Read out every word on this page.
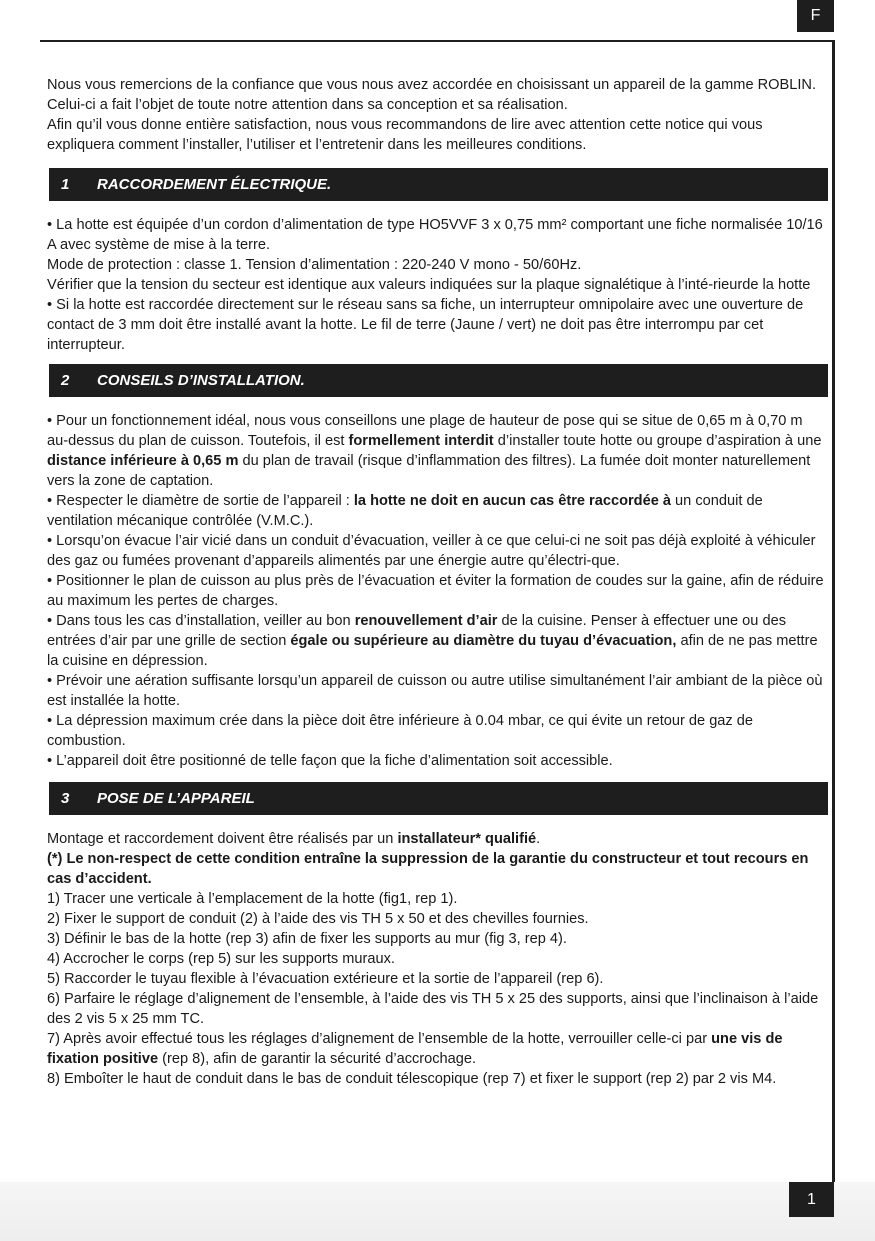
F
1

Nous vous remercions de la confiance que vous nous avez accordée en choisissant un appareil de la gamme ROBLIN.

Celui-ci a fait l’objet de toute notre attention dans sa conception et sa réalisation.

Afin qu’il vous donne entière satisfaction, nous vous recommandons de lire avec attention cette notice qui vous expliquera comment l’installer, l’utiliser et l’entretenir dans les meilleures conditions.

1	RACCORDEMENT ÉLECTRIQUE.

• La hotte est équipée d’un cordon d’alimentation de type HO5VVF 3 x 0,75 mm² comportant une fiche normalisée 10/16 A avec système de mise à la terre.

Mode de protection : classe 1. Tension d’alimentation : 220-240 V mono - 50/60Hz.

Vérifier que la tension du secteur est identique aux valeurs indiquées sur la plaque signalétique à l’inté-rieurde la hotte

• Si la hotte est raccordée directement sur le réseau sans sa fiche, un interrupteur omnipolaire avec une ouverture de contact de 3 mm doit être installé avant la hotte. Le fil de terre (Jaune / vert) ne doit pas être interrompu par cet interrupteur.

2	CONSEILS D’INSTALLATION.

• Pour un fonctionnement idéal, nous vous conseillons une plage de hauteur de pose qui se situe de 0,65 m à 0,70 m au-dessus du plan de cuisson. Toutefois, il est formellement interdit d’installer toute hotte ou groupe d’aspiration à une distance inférieure à 0,65 m du plan de travail (risque d’inflammation des filtres). La fumée doit monter naturellement vers la zone de captation.

• Respecter le diamètre de sortie de l’appareil : la hotte ne doit en aucun cas être raccordée à un conduit de ventilation mécanique contrôlée (V.M.C.).

• Lorsqu’on évacue l’air vicié dans un conduit d’évacuation, veiller à ce que celui-ci ne soit pas déjà exploité à véhiculer des gaz ou fumées provenant d’appareils alimentés par une énergie autre qu’électri-que.

• Positionner le plan de cuisson au plus près de l’évacuation et éviter la formation de coudes sur la gaine, afin de réduire au maximum les pertes de charges.

• Dans tous les cas d’installation, veiller au bon renouvellement d’air de la cuisine. Penser à effectuer une ou des entrées d’air par une grille de section égale ou supérieure au diamètre du tuyau d’évacuation, afin de ne pas mettre la cuisine en dépression.

• Prévoir une aération suffisante lorsqu’un appareil de cuisson ou autre utilise simultanément l’air ambiant de la pièce où est installée la hotte.

• La dépression maximum crée dans la pièce doit être inférieure à 0.04 mbar, ce qui évite un retour de gaz de combustion.

• L’appareil doit être positionné de telle façon que la fiche d’alimentation soit accessible.

3	POSE DE L’APPAREIL

Montage et raccordement doivent être réalisés par un installateur* qualifié.

(*) Le non-respect de cette condition entraîne la suppression de la garantie du constructeur et tout recours en cas d’accident.

1) Tracer une verticale à l’emplacement de la hotte (fig1, rep 1).

2) Fixer le support de conduit (2) à l’aide des vis TH 5 x 50 et des chevilles fournies.

3) Définir le bas de la hotte (rep 3) afin de fixer les supports au mur (fig 3, rep 4).

4) Accrocher le corps (rep 5) sur les supports muraux.

5) Raccorder le tuyau flexible à l’évacuation extérieure et la sortie de l’appareil (rep 6).

6) Parfaire le réglage d’alignement de l’ensemble, à l’aide des vis TH 5 x 25 des supports, ainsi que l’inclinaison à l’aide des 2 vis 5 x 25 mm TC.

7) Après avoir effectué tous les réglages d’alignement de l’ensemble de la hotte, verrouiller celle-ci par une vis de fixation positive (rep 8), afin de garantir la sécurité d’accrochage.

8) Emboîter le haut de conduit dans le bas de conduit télescopique (rep 7) et fixer le support (rep 2) par 2 vis M4.
